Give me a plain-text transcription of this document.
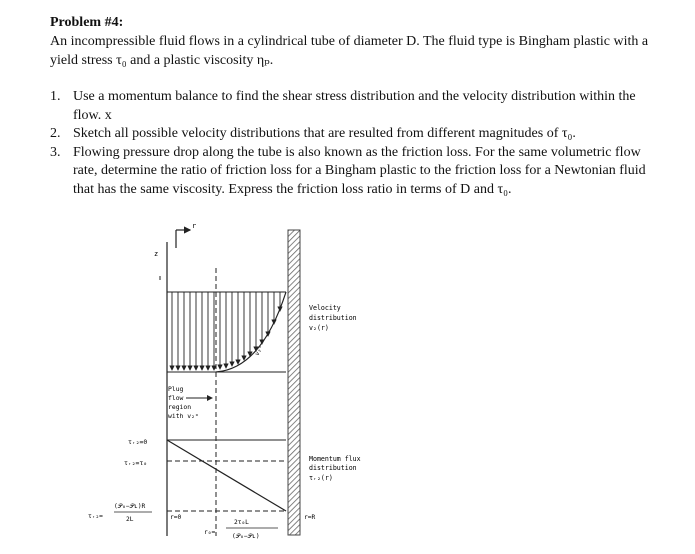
Problem #4:
An incompressible fluid flows in a cylindrical tube of diameter D. The fluid type is Bingham plastic with a yield stress τ₀ and a plastic viscosity ηₚ.
1. Use a momentum balance to find the shear stress distribution and the velocity distribution within the flow. x
2. Sketch all possible velocity distributions that are resulted from different magnitudes of τ₀.
3. Flowing pressure drop along the tube is also known as the friction loss. For the same volumetric flow rate, determine the ratio of friction loss for a Bingham plastic to the friction loss for a Newtonian fluid that has the same viscosity. Express the friction loss ratio in terms of D and τ₀.
r
z
v₂ᵒ
Velocity
distribution
v₂(r)
Plug
flow
region
with v₂ᵒ
τᵣ₂=0
τᵣ₂=τ₀
τᵣ₂=
(𝒫₀−𝒫ʟ)R
2L
Momentum flux
distribution
τᵣ₂(r)
r=0	r=R
2τ₀L
r₀=
(𝒫₀−𝒫ʟ)
